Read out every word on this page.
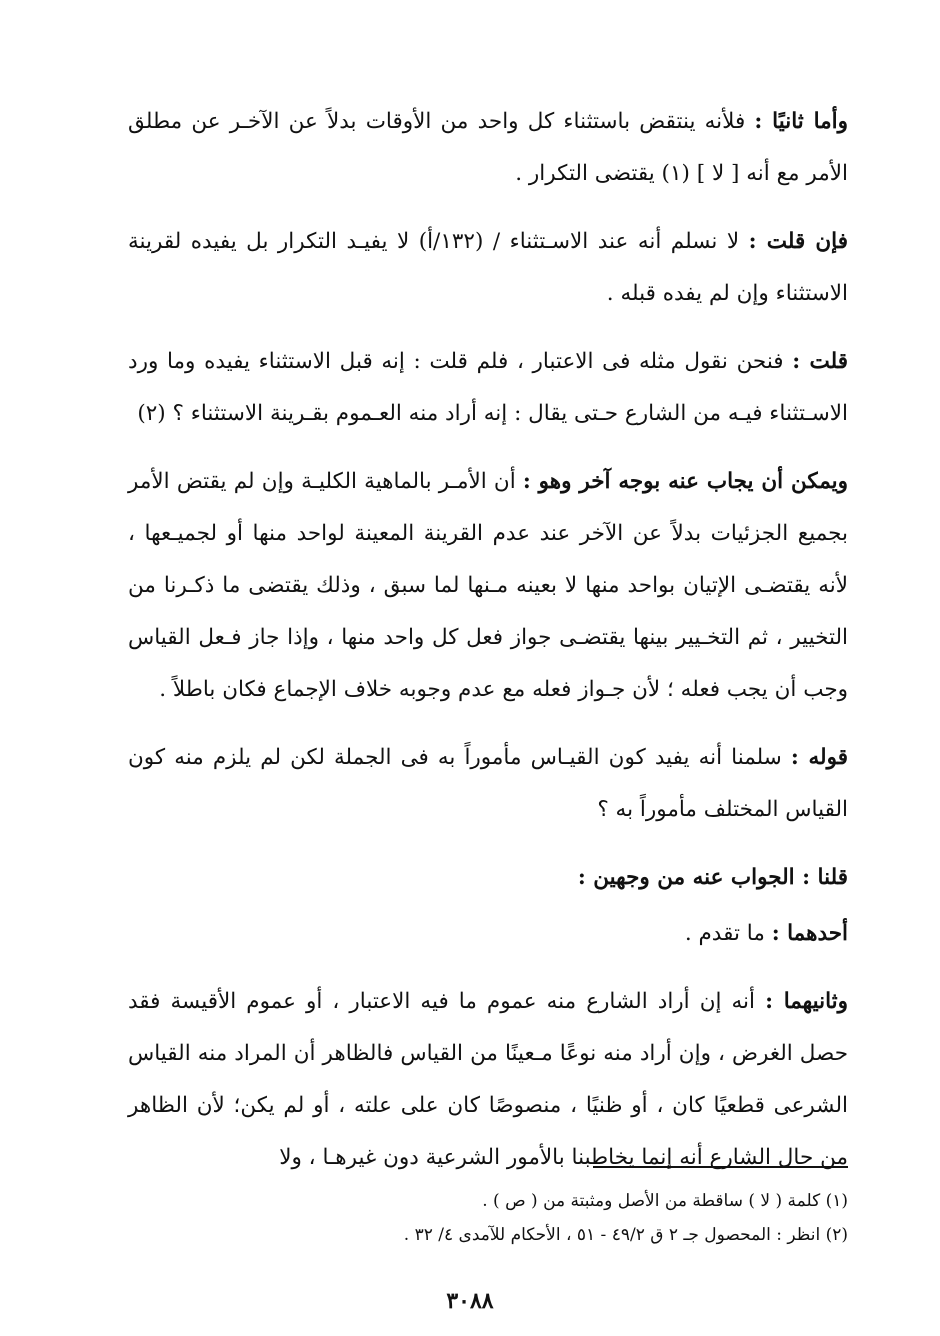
وأما ثانيًا : فلأنه ينتقض باستثناء كل واحد من الأوقات بدلاً عن الآخـر عن مطلق الأمر مع أنه [ لا ] (١) يقتضى التكرار .

فإن قلت : لا نسلم أنه عند الاسـتثناء / (١٣٢/أ) لا يفيـد التكرار بل يفيده لقرينة الاستثناء وإن لم يفده قبله .

قلت : فنحن نقول مثله فى الاعتبار ، فلم قلت : إنه قبل الاستثناء يفيده وما ورد الاسـتثناء فيـه من الشارع حـتى يقال : إنه أراد منه العـموم بقـرينة الاستثناء ؟ (٢)

ويمكن أن يجاب عنه بوجه آخر وهو : أن الأمـر بالماهية الكليـة وإن لم يقتض الأمر بجميع الجزئيات بدلاً عن الآخر عند عدم القرينة المعينة لواحد منها أو لجميـعها ، لأنه يقتضـى الإتيان بواحد منها لا بعينه مـنها لما سبق ، وذلك يقتضى ما ذكـرنا من التخيير ، ثم التخـيير بينها يقتضـى جواز فعل كل واحد منها ، وإذا جاز فـعل القياس وجب أن يجب فعله ؛ لأن جـواز فعله مع عدم وجوبه خلاف الإجماع فكان باطلاً .

قوله : سلمنا أنه يفيد كون القيـاس مأموراً به فى الجملة لكن لم يلزم منه كون القياس المختلف مأموراً به ؟

قلنا : الجواب عنه من وجهين :

أحدهما : ما تقدم .

وثانيهما : أنه إن أراد الشارع منه عموم ما فيه الاعتبار ، أو عموم الأقيسة فقد حصل الغرض ، وإن أراد منه نوعًا مـعينًا من القياس فالظاهر أن المراد منه القياس الشرعى قطعيًا كان ، أو ظنيًا ، منصوصًا كان على علته ، أو لم يكن؛ لأن الظاهر من حال الشارع أنه إنما يخاطبنا بالأمور الشرعية دون غيرهـا ، ولا

(١) كلمة ( لا ) ساقطة من الأصل ومثبتة من ( ص ) .

(٢) انظر : المحصول جـ ٢ ق ٤٩/٢ - ٥١ ، الأحكام للآمدى ٤/ ٣٢ .

٣٠٨٨
